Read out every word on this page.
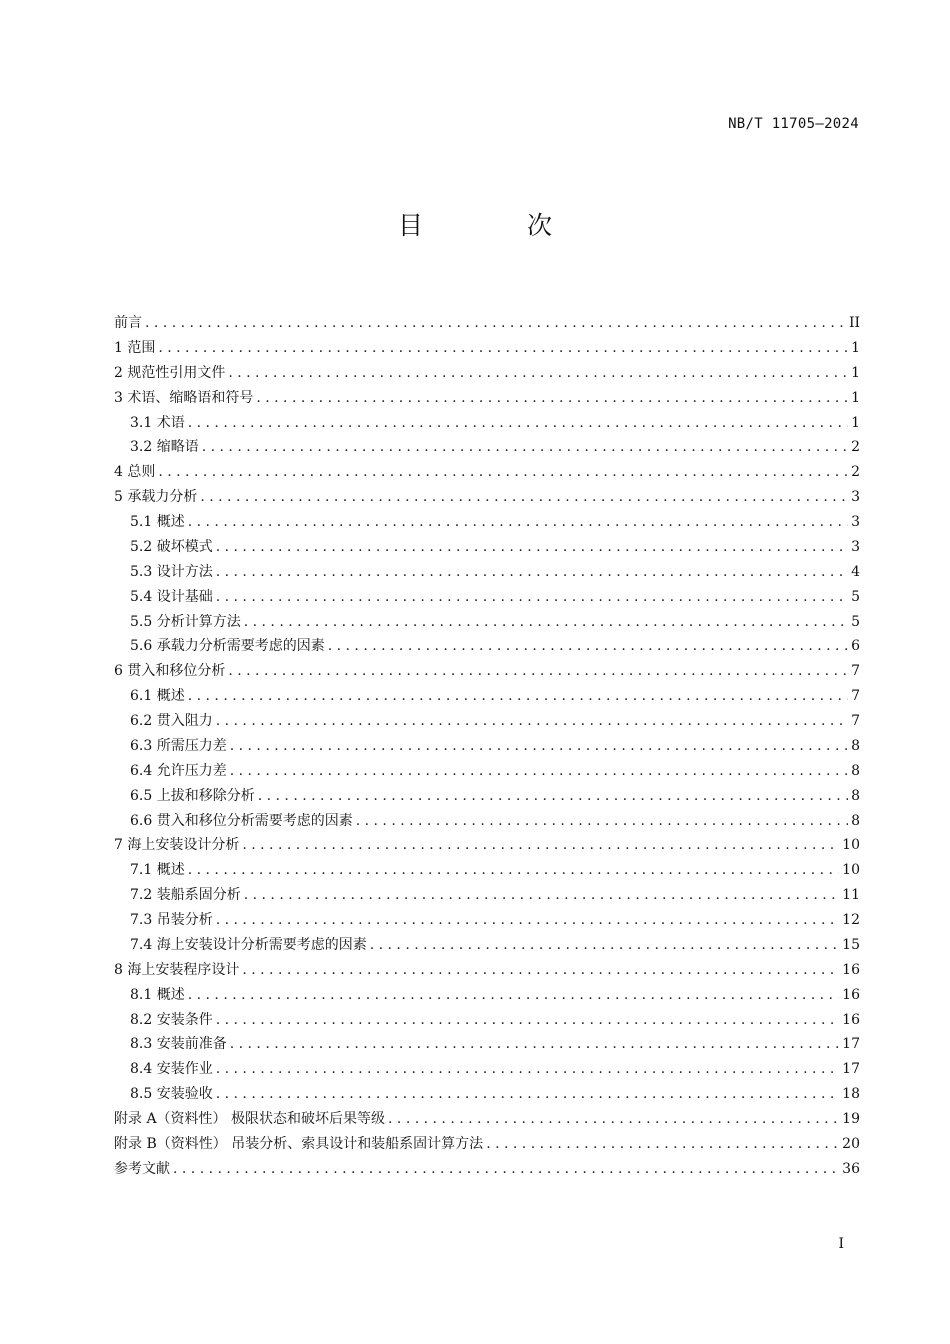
NB/T 11705—2024
目 次
前言 . . .	II
1 范围 . . .	1
2 规范性引用文件 . . .	1
3 术语、缩略语和符号 . . .	1
3.1 术语 . . .	1
3.2 缩略语 . . .	2
4 总则 . . .	2
5 承载力分析 . . .	3
5.1 概述 . . .	3
5.2 破坏模式 . . .	3
5.3 设计方法 . . .	4
5.4 设计基础 . . .	5
5.5 分析计算方法 . . .	5
5.6 承载力分析需要考虑的因素 . . .	6
6 贯入和移位分析 . . .	7
6.1 概述 . . .	7
6.2 贯入阻力 . . .	7
6.3 所需压力差 . . .	8
6.4 允许压力差 . . .	8
6.5 上拔和移除分析 . . .	8
6.6 贯入和移位分析需要考虑的因素 . . .	8
7 海上安装设计分析 . . .	10
7.1 概述 . . .	10
7.2 装船系固分析 . . .	11
7.3 吊装分析 . . .	12
7.4 海上安装设计分析需要考虑的因素 . . .	15
8 海上安装程序设计 . . .	16
8.1 概述 . . .	16
8.2 安装条件 . . .	16
8.3 安装前准备 . . .	17
8.4 安装作业 . . .	17
8.5 安装验收 . . .	18
附录 A（资料性） 极限状态和破坏后果等级 . . .	19
附录 B（资料性） 吊装分析、索具设计和装船系固计算方法 . . .	20
参考文献 . . .	36
I
